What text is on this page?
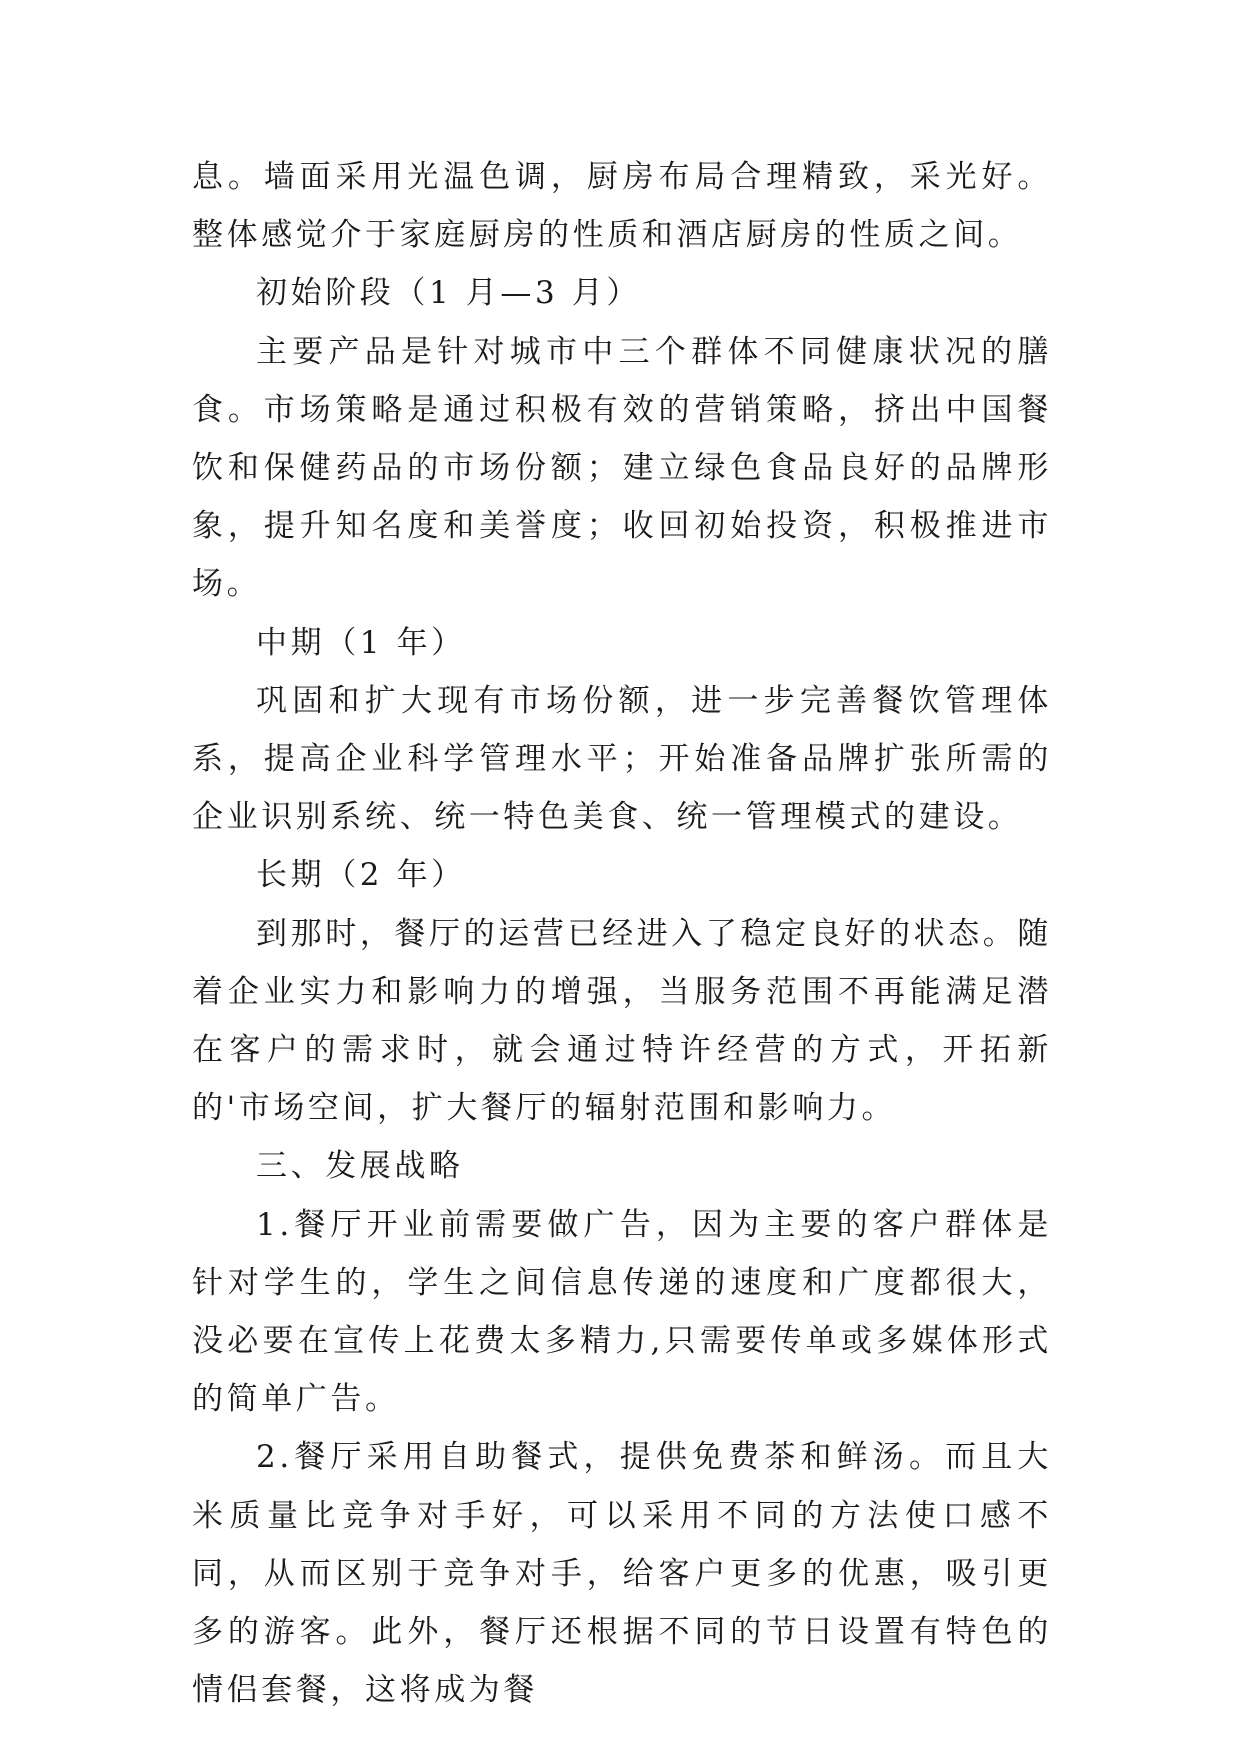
息。墙面采用光温色调，厨房布局合理精致，采光好。整体感觉介于家庭厨房的性质和酒店厨房的性质之间。

初始阶段（1 月—3 月）

主要产品是针对城市中三个群体不同健康状况的膳食。市场策略是通过积极有效的营销策略，挤出中国餐饮和保健药品的市场份额；建立绿色食品良好的品牌形象，提升知名度和美誉度；收回初始投资，积极推进市场。

中期（1 年）

巩固和扩大现有市场份额，进一步完善餐饮管理体系，提高企业科学管理水平；开始准备品牌扩张所需的企业识别系统、统一特色美食、统一管理模式的建设。

长期（2 年）

到那时，餐厅的运营已经进入了稳定良好的状态。随着企业实力和影响力的增强，当服务范围不再能满足潜在客户的需求时，就会通过特许经营的方式，开拓新的'市场空间，扩大餐厅的辐射范围和影响力。

三、发展战略

1.餐厅开业前需要做广告，因为主要的客户群体是针对学生的，学生之间信息传递的速度和广度都很大，没必要在宣传上花费太多精力,只需要传单或多媒体形式的简单广告。

2.餐厅采用自助餐式，提供免费茶和鲜汤。而且大米质量比竞争对手好，可以采用不同的方法使口感不同，从而区别于竞争对手，给客户更多的优惠，吸引更多的游客。此外，餐厅还根据不同的节日设置有特色的情侣套餐，这将成为餐
